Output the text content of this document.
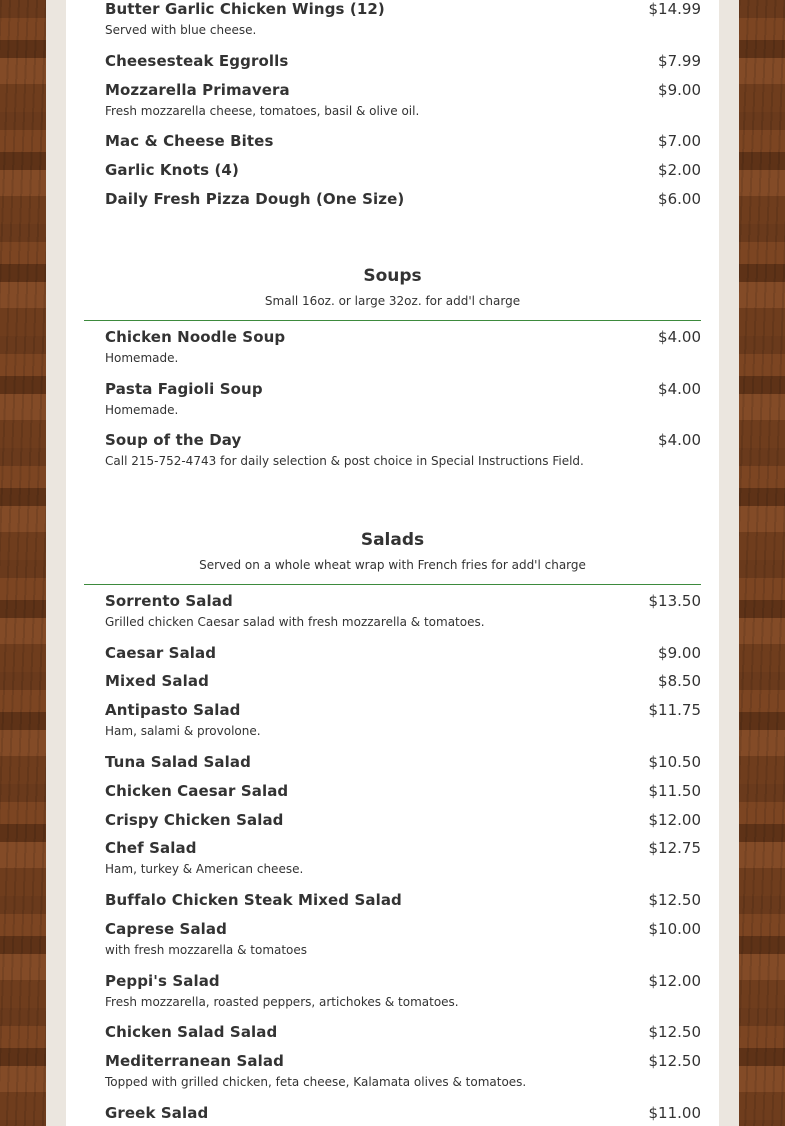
Butter Garlic Chicken Wings (12)	$14.99
Served with blue cheese.
Cheesesteak Eggrolls	$7.99
Mozzarella Primavera	$9.00
Fresh mozzarella cheese, tomatoes, basil & olive oil.
Mac & Cheese Bites	$7.00
Garlic Knots (4)	$2.00
Daily Fresh Pizza Dough (One Size)	$6.00
Soups
Small 16oz. or large 32oz. for add'l charge
Chicken Noodle Soup	$4.00
Homemade.
Pasta Fagioli Soup	$4.00
Homemade.
Soup of the Day	$4.00
Call 215-752-4743 for daily selection & post choice in Special Instructions Field.
Salads
Served on a whole wheat wrap with French fries for add'l charge
Sorrento Salad	$13.50
Grilled chicken Caesar salad with fresh mozzarella & tomatoes.
Caesar Salad	$9.00
Mixed Salad	$8.50
Antipasto Salad	$11.75
Ham, salami & provolone.
Tuna Salad Salad	$10.50
Chicken Caesar Salad	$11.50
Crispy Chicken Salad	$12.00
Chef Salad	$12.75
Ham, turkey & American cheese.
Buffalo Chicken Steak Mixed Salad	$12.50
Caprese Salad	$10.00
with fresh mozzarella & tomatoes
Peppi's Salad	$12.00
Fresh mozzarella, roasted peppers, artichokes & tomatoes.
Chicken Salad Salad	$12.50
Mediterranean Salad	$12.50
Topped with grilled chicken, feta cheese, Kalamata olives & tomatoes.
Greek Salad	$11.00
